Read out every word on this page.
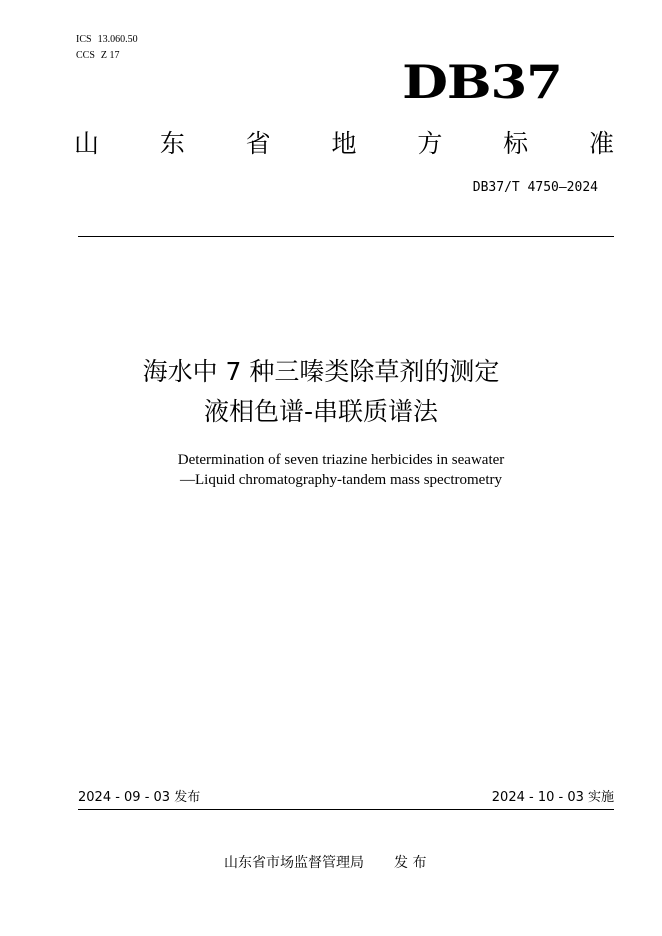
ICS 13.060.50
CCS Z 17	DB37
山 东 省 地 方 标 准
DB37/T 4750—2024
海水中 7 种三嗪类除草剂的测定
液相色谱-串联质谱法
Determination of seven triazine herbicides in seawater
—Liquid chromatography-tandem mass spectrometry
2024 - 09 - 03 发布	2024 - 10 - 03 实施
山东省市场监督管理局 发 布
